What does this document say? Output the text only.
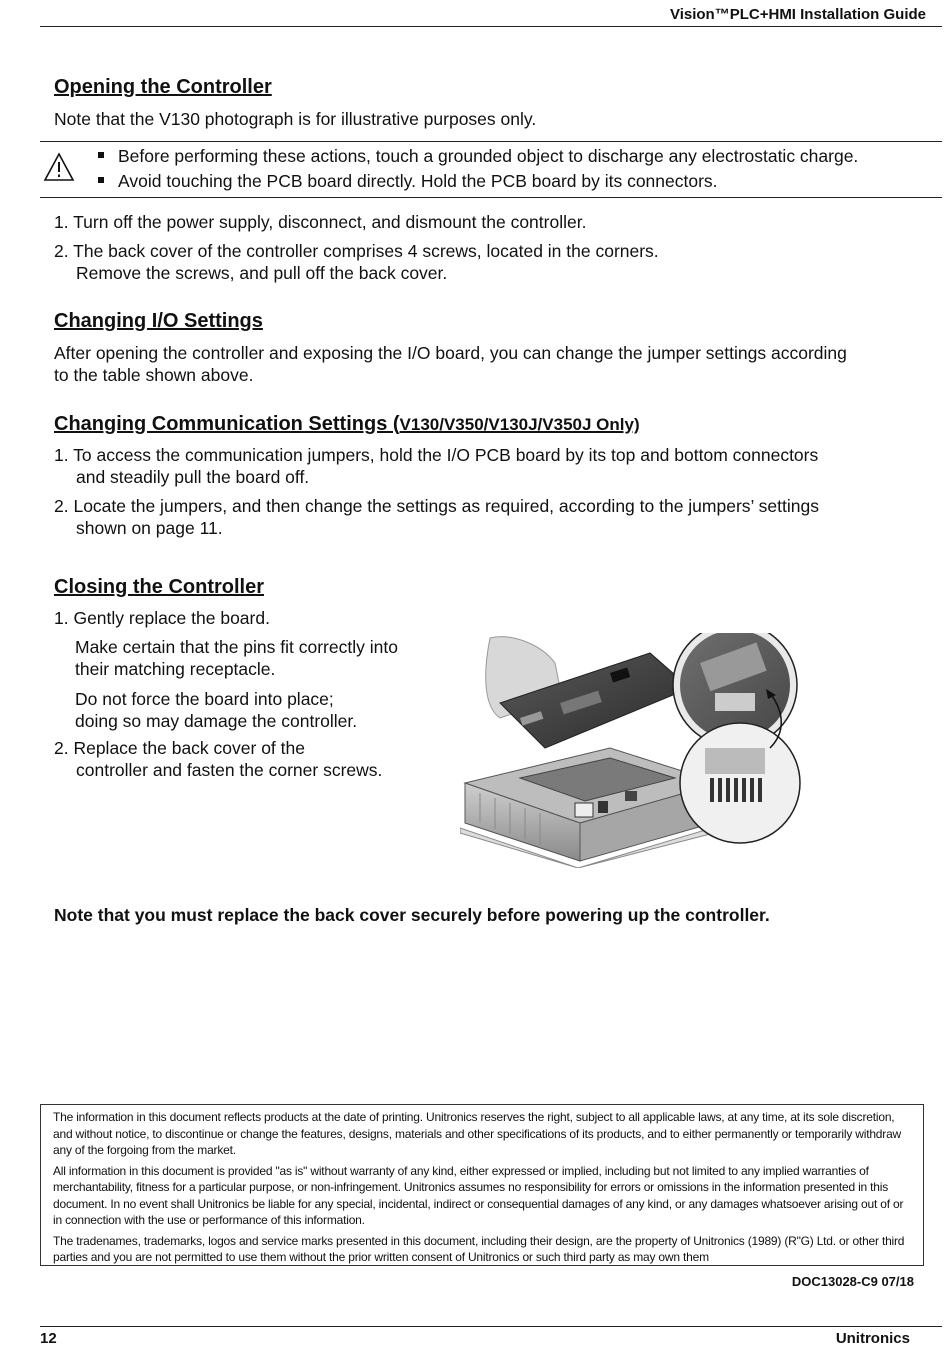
Vision™PLC+HMI Installation Guide
Opening the Controller
Note that the V130 photograph is for illustrative purposes only.
Before performing these actions, touch a grounded object to discharge any electrostatic charge.
Avoid touching the PCB board directly. Hold the PCB board by its connectors.
1. Turn off the power supply, disconnect, and dismount the controller.
2. The back cover of the controller comprises 4 screws, located in the corners.
Remove the screws, and pull off the back cover.
Changing I/O Settings
After opening the controller and exposing the I/O board, you can change the jumper settings according
to the table shown above.
Changing Communication Settings (V130/V350/V130J/V350J Only)
1. To access the communication jumpers, hold the I/O PCB board by its top and bottom connectors
and steadily pull the board off.
2. Locate the jumpers, and then change the settings as required, according to the jumpers’ settings
shown on page 11.
Closing the Controller
1. Gently replace the board.
Make certain that the pins fit correctly into
their matching receptacle.
Do not force the board into place;
doing so may damage the controller.
2. Replace the back cover of the
controller and fasten the corner screws.
Note that you must replace the back cover securely before powering up the controller.

The information in this document reflects products at the date of printing. Unitronics reserves the right, subject to all applicable laws, at any time, at its sole discretion, and without notice, to discontinue or change the features, designs, materials and other specifications of its products, and to either permanently or temporarily withdraw any of the forgoing from the market.

All information in this document is provided "as is" without warranty of any kind, either expressed or implied, including but not limited to any implied warranties of merchantability, fitness for a particular purpose, or non-infringement. Unitronics assumes no responsibility for errors or omissions in the information presented in this document. In no event shall Unitronics be liable for any special, incidental, indirect or consequential damages of any kind, or any damages whatsoever arising out of or in connection with the use or performance of this information.

The tradenames, trademarks, logos and service marks presented in this document, including their design, are the property of Unitronics (1989) (R"G) Ltd. or other third parties and you are not permitted to use them without the prior written consent of Unitronics or such third party as may own them

DOC13028-C9 07/18
12	Unitronics
